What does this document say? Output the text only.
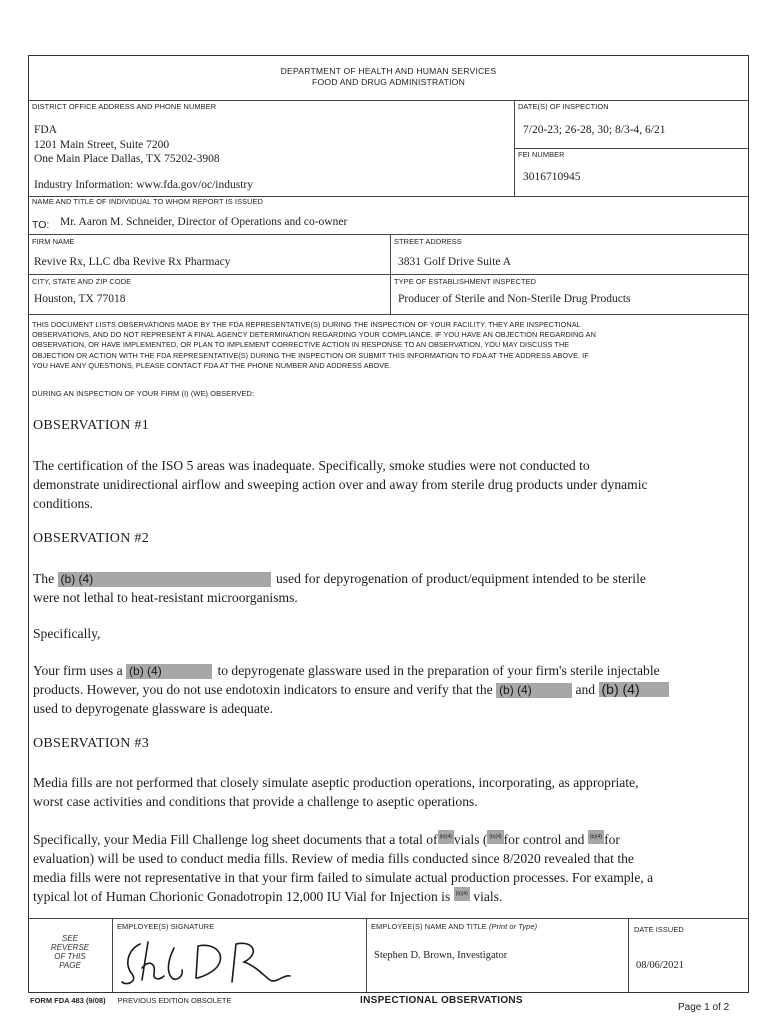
DEPARTMENT OF HEALTH AND HUMAN SERVICES
FOOD AND DRUG ADMINISTRATION
DISTRICT OFFICE ADDRESS AND PHONE NUMBER
FDA
1201 Main Street, Suite 7200
One Main Place Dallas, TX 75202-3908
Industry Information: www.fda.gov/oc/industry
DATE(S) OF INSPECTION
7/20-23; 26-28, 30; 8/3-4, 6/21
FEI NUMBER
3016710945
NAME AND TITLE OF INDIVIDUAL TO WHOM REPORT IS ISSUED
TO: Mr. Aaron M. Schneider, Director of Operations and co-owner
FIRM NAME
Revive Rx, LLC dba Revive Rx Pharmacy
STREET ADDRESS
3831 Golf Drive Suite A
CITY, STATE AND ZIP CODE
Houston, TX 77018
TYPE OF ESTABLISHMENT INSPECTED
Producer of Sterile and Non-Sterile Drug Products
THIS DOCUMENT LISTS OBSERVATIONS MADE BY THE FDA REPRESENTATIVE(S) DURING THE INSPECTION OF YOUR FACILITY. THEY ARE INSPECTIONAL
OBSERVATIONS, AND DO NOT REPRESENT A FINAL AGENCY DETERMINATION REGARDING YOUR COMPLIANCE. IF YOU HAVE AN OBJECTION REGARDING AN
OBSERVATION, OR HAVE IMPLEMENTED, OR PLAN TO IMPLEMENT CORRECTIVE ACTION IN RESPONSE TO AN OBSERVATION, YOU MAY DISCUSS THE
OBJECTION OR ACTION WITH THE FDA REPRESENTATIVE(S) DURING THE INSPECTION OR SUBMIT THIS INFORMATION TO FDA AT THE ADDRESS ABOVE. IF
YOU HAVE ANY QUESTIONS, PLEASE CONTACT FDA AT THE PHONE NUMBER AND ADDRESS ABOVE.
DURING AN INSPECTION OF YOUR FIRM (I) (WE) OBSERVED:
OBSERVATION #1
The certification of the ISO 5 areas was inadequate. Specifically, smoke studies were not conducted to
demonstrate unidirectional airflow and sweeping action over and away from sterile drug products under dynamic
conditions.
OBSERVATION #2
The (b) (4)	used for depyrogenation of product/equipment intended to be sterile
were not lethal to heat-resistant microorganisms.
Specifically,
Your firm uses a (b) (4)	to depyrogenate glassware used in the preparation of your firm's sterile injectable
products. However, you do not use endotoxin indicators to ensure and verify that the (b) (4)	and (b) (4)
used to depyrogenate glassware is adequate.
OBSERVATION #3
Media fills are not performed that closely simulate aseptic production operations, incorporating, as appropriate,
worst case activities and conditions that provide a challenge to aseptic operations.
Specifically, your Media Fill Challenge log sheet documents that a total of (b)(4) vials ( (b)(4) for control and (b)(4) for
evaluation) will be used to conduct media fills. Review of media fills conducted since 8/2020 revealed that the
media fills were not representative in that your firm failed to simulate actual production processes. For example, a
typical lot of Human Chorionic Gonadotropin 12,000 IU Vial for Injection is (b)(4) vials.
SEE
REVERSE
OF THIS
PAGE
EMPLOYEE(S) SIGNATURE	EMPLOYEE(S) NAME AND TITLE (Print or Type)
Stephen D. Brown, Investigator
DATE ISSUED
08/06/2021
FORM FDA 483 (9/08) PREVIOUS EDITION OBSOLETE	INSPECTIONAL OBSERVATIONS
Page 1 of 2
